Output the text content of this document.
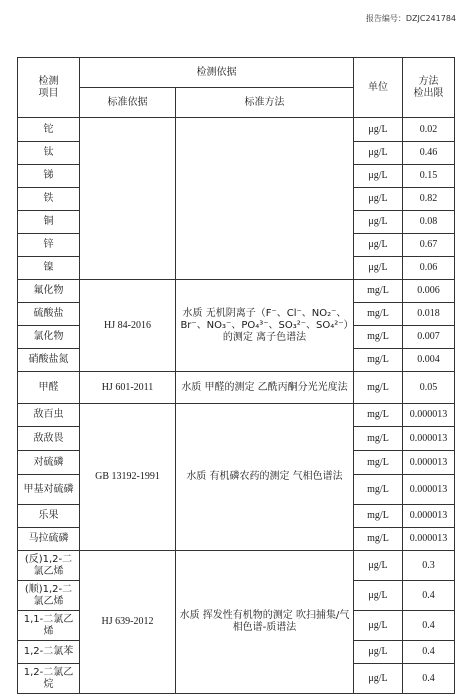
报告编号：DZJC241784
检测
项目	检测依据		单位	方法
检出限
	标准依据	标准方法		
铊			μg/L	0.02
钛			μg/L	0.46
锑			μg/L	0.15
铁			μg/L	0.82
铜			μg/L	0.08
锌			μg/L	0.67
镍			μg/L	0.06
氟化物	HJ 84-2016	水质 无机阴离子（F⁻、Cl⁻、NO₂⁻、Br⁻、NO₃⁻、PO₄³⁻、SO₃²⁻、SO₄²⁻）的测定 离子色谱法	mg/L	0.006
硫酸盐			mg/L	0.018
氯化物			mg/L	0.007
硝酸盐氮			mg/L	0.004
甲醛	HJ 601-2011	水质 甲醛的测定 乙酰丙酮分光光度法	mg/L	0.05
敌百虫	GB 13192-1991	水质 有机磷农药的测定 气相色谱法	mg/L	0.000013
敌敌畏			mg/L	0.000013
对硫磷			mg/L	0.000013
甲基对硫磷			mg/L	0.000013
乐果			mg/L	0.000013
马拉硫磷			mg/L	0.000013
(反)1,2-二氯乙烯	HJ 639-2012	水质 挥发性有机物的测定 吹扫捕集/气相色谱-质谱法	μg/L	0.3
(顺)1,2-二氯乙烯			μg/L	0.4
1,1-二氯乙烯			μg/L	0.4
1,2-二氯苯			μg/L	0.4
1,2-二氯乙烷			μg/L	0.4
